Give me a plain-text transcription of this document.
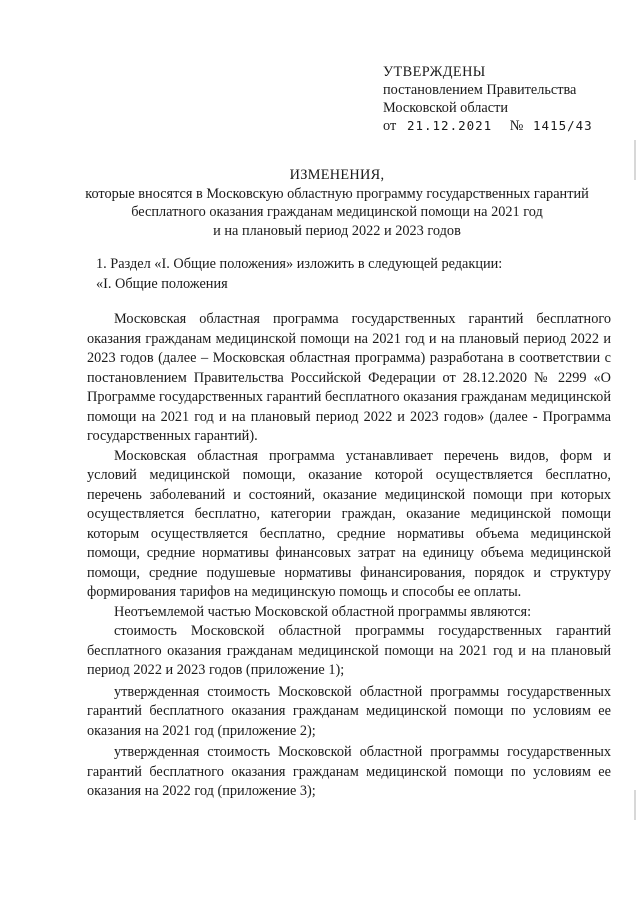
УТВЕРЖДЕНЫ
постановлением Правительства
Московской области
от 21.12.2021 № 1415/43
ИЗМЕНЕНИЯ,
которые вносятся в Московскую областную программу государственных гарантий
бесплатного оказания гражданам медицинской помощи на 2021 год
и на плановый период 2022 и 2023 годов
1. Раздел «I. Общие положения» изложить в следующей редакции:
«I. Общие положения

Московская областная программа государственных гарантий бесплатного оказания гражданам медицинской помощи на 2021 год и на плановый период 2022 и 2023 годов (далее – Московская областная программа) разработана в соответствии с постановлением Правительства Российской Федерации от 28.12.2020 № 2299 «О Программе государственных гарантий бесплатного оказания гражданам медицинской помощи на 2021 год и на плановый период 2022 и 2023 годов» (далее - Программа государственных гарантий).

Московская областная программа устанавливает перечень видов, форм и условий медицинской помощи, оказание которой осуществляется бесплатно, перечень заболеваний и состояний, оказание медицинской помощи при которых осуществляется бесплатно, категории граждан, оказание медицинской помощи которым осуществляется бесплатно, средние нормативы объема медицинской помощи, средние нормативы финансовых затрат на единицу объема медицинской помощи, средние подушевые нормативы финансирования, порядок и структуру формирования тарифов на медицинскую помощь и способы ее оплаты.

Неотъемлемой частью Московской областной программы являются:

стоимость Московской областной программы государственных гарантий бесплатного оказания гражданам медицинской помощи на 2021 год и на плановый период 2022 и 2023 годов (приложение 1);
утвержденная стоимость Московской областной программы государственных гарантий бесплатного оказания гражданам медицинской помощи по условиям ее оказания на 2021 год (приложение 2);
утвержденная стоимость Московской областной программы государственных гарантий бесплатного оказания гражданам медицинской помощи по условиям ее оказания на 2022 год (приложение 3);
